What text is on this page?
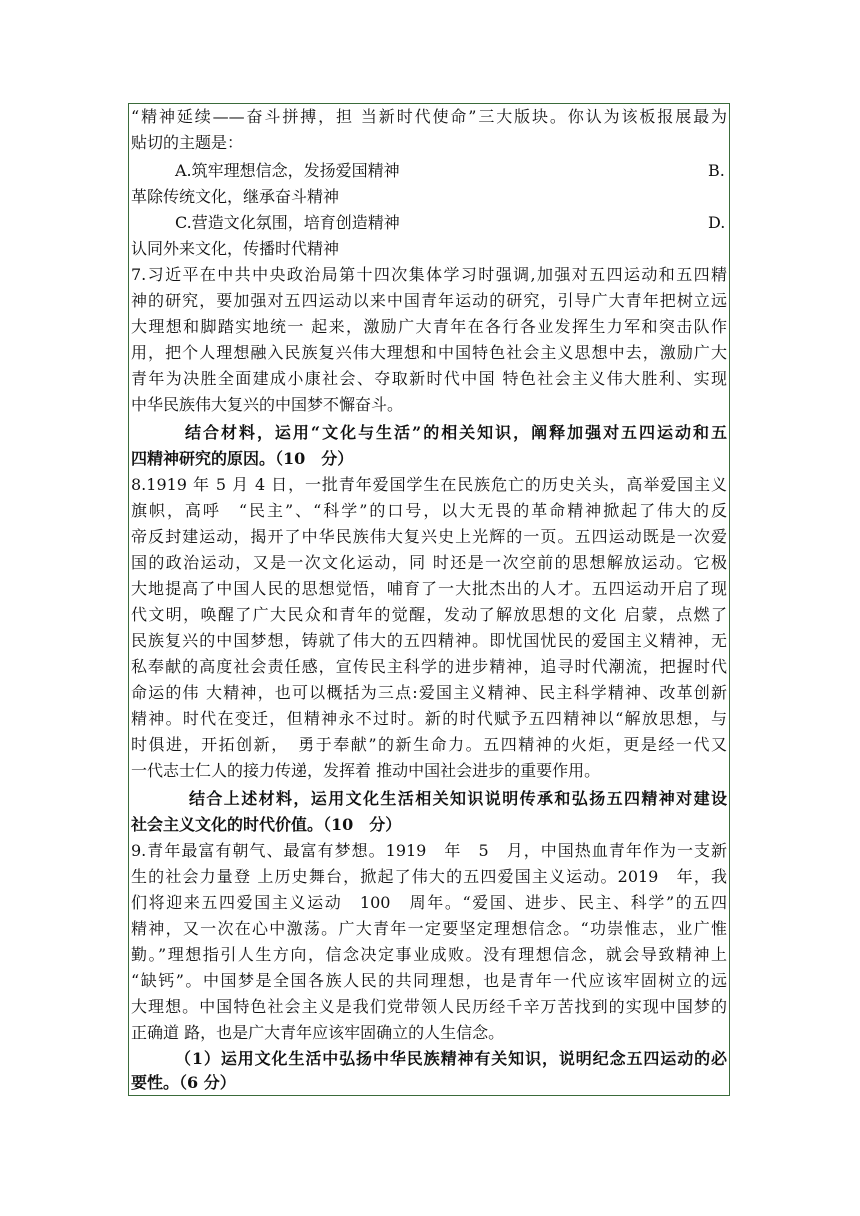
“精神延续——奋斗拼搏，担 当新时代使命”三大版块。你认为该板报展最为
贴切的主题是：
A.筑牢理想信念，发扬爱国精神	B.
革除传统文化，继承奋斗精神
C.营造文化氛围，培育创造精神	D.
认同外来文化，传播时代精神
7.习近平在中共中央政治局第十四次集体学习时强调,加强对五四运动和五四精
神的研究，要加强对五四运动以来中国青年运动的研究，引导广大青年把树立远
大理想和脚踏实地统一 起来，激励广大青年在各行各业发挥生力军和突击队作
用，把个人理想融入民族复兴伟大理想和中国特色社会主义思想中去，激励广大
青年为决胜全面建成小康社会、夺取新时代中国 特色社会主义伟大胜利、实现
中华民族伟大复兴的中国梦不懈奋斗。
结合材料，运用“文化与生活”的相关知识，阐释加强对五四运动和五
四精神研究的原因。（10　分）
8.1919 年 5 月 4 日，一批青年爱国学生在民族危亡的历史关头，高举爱国主义
旗帜，高呼　“民主”、“科学”的口号，以大无畏的革命精神掀起了伟大的反
帝反封建运动，揭开了中华民族伟大复兴史上光辉的一页。五四运动既是一次爱
国的政治运动，又是一次文化运动，同 时还是一次空前的思想解放运动。它极
大地提高了中国人民的思想觉悟，哺育了一大批杰出的人才。五四运动开启了现
代文明，唤醒了广大民众和青年的觉醒，发动了解放思想的文化 启蒙，点燃了
民族复兴的中国梦想，铸就了伟大的五四精神。即忧国忧民的爱国主义精神，无
私奉献的高度社会责任感，宣传民主科学的进步精神，追寻时代潮流，把握时代
命运的伟 大精神，也可以概括为三点:爱国主义精神、民主科学精神、改革创新
精神。时代在变迁，但精神永不过时。新的时代赋予五四精神以“解放思想，与
时俱进，开拓创新，　勇于奉献”的新生命力。五四精神的火炬，更是经一代又
一代志士仁人的接力传递，发挥着 推动中国社会进步的重要作用。
结合上述材料，运用文化生活相关知识说明传承和弘扬五四精神对建设
社会主义文化的时代价值。（10　分）
9.青年最富有朝气、最富有梦想。1919　年　5　月，中国热血青年作为一支新
生的社会力量登 上历史舞台，掀起了伟大的五四爱国主义运动。2019　年，我
们将迎来五四爱国主义运动　100　周年。“爱国、进步、民主、科学”的五四
精神，又一次在心中激荡。广大青年一定要坚定理想信念。“功崇惟志，业广惟
勤。”理想指引人生方向，信念决定事业成败。没有理想信念，就会导致精神上
“缺钙”。中国梦是全国各族人民的共同理想，也是青年一代应该牢固树立的远
大理想。中国特色社会主义是我们党带领人民历经千辛万苦找到的实现中国梦的
正确道 路，也是广大青年应该牢固确立的人生信念。
（1）运用文化生活中弘扬中华民族精神有关知识，说明纪念五四运动的必
要性。（6 分）
